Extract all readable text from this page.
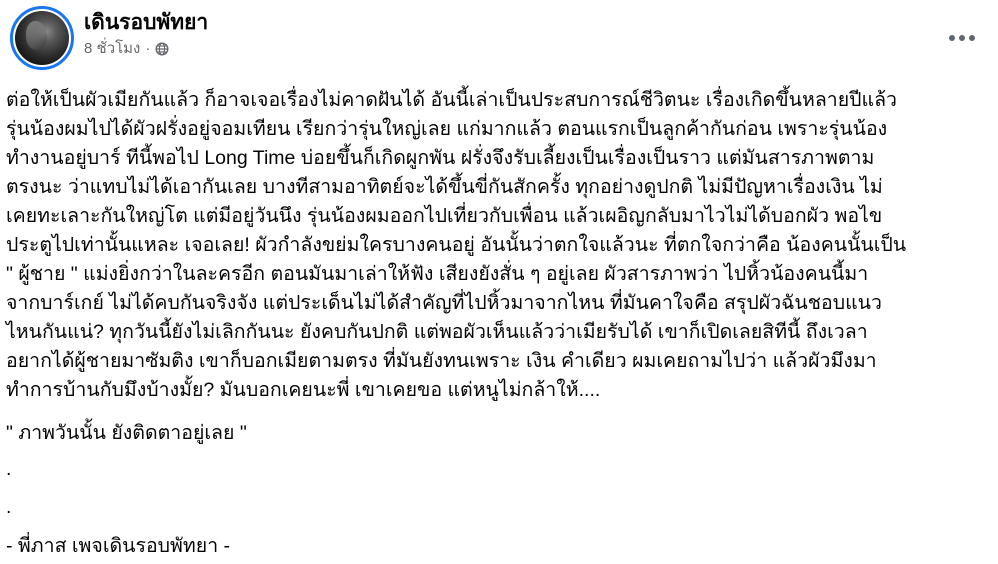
เดินรอบพัทยา
8 ชั่วโมง ·
ต่อให้เป็นผัวเมียกันแล้ว ก็อาจเจอเรื่องไม่คาดฝันได้ อันนี้เล่าเป็นประสบการณ์ชีวิตนะ เรื่องเกิดขึ้นหลายปีแล้ว
รุ่นน้องผมไปได้ผัวฝรั่งอยู่จอมเทียน เรียกว่ารุ่นใหญ่เลย แก่มากแล้ว ตอนแรกเป็นลูกค้ากันก่อน เพราะรุ่นน้อง
ทำงานอยู่บาร์ ทีนี้พอไป Long Time บ่อยขึ้นก็เกิดผูกพัน ฝรั่งจึงรับเลี้ยงเป็นเรื่องเป็นราว แต่มันสารภาพตาม
ตรงนะ ว่าแทบไม่ได้เอากันเลย บางทีสามอาทิตย์จะได้ขึ้นขี่กันสักครั้ง ทุกอย่างดูปกติ ไม่มีปัญหาเรื่องเงิน ไม่
เคยทะเลาะกันใหญ่โต แต่มีอยู่วันนึง รุ่นน้องผมออกไปเที่ยวกับเพื่อน แล้วเผอิญกลับมาไวไม่ได้บอกผัว พอไข
ประตูไปเท่านั้นแหละ เจอเลย! ผัวกำลังขย่มใครบางคนอยู่ อันนั้นว่าตกใจแล้วนะ ที่ตกใจกว่าคือ น้องคนนั้นเป็น
" ผู้ชาย " แม่งยิ่งกว่าในละครอีก ตอนมันมาเล่าให้ฟัง เสียงยังสั่น ๆ อยู่เลย ผัวสารภาพว่า ไปหิ้วน้องคนนี้มา
จากบาร์เกย์ ไม่ได้คบกันจริงจัง แต่ประเด็นไม่ได้สำคัญที่ไปหิ้วมาจากไหน ที่มันคาใจคือ สรุปผัวฉันชอบแนว
ไหนกันแน่? ทุกวันนี้ยังไม่เลิกกันนะ ยังคบกันปกติ แต่พอผัวเห็นแล้วว่าเมียรับได้ เขาก็เปิดเลยสิทีนี้ ถึงเวลา
อยากได้ผู้ชายมาซัมติง เขาก็บอกเมียตามตรง ที่มันยังทนเพราะ เงิน คำเดียว ผมเคยถามไปว่า แล้วผัวมึงมา
ทำการบ้านกับมึงบ้างมั้ย? มันบอกเคยนะพี่ เขาเคยขอ แต่หนูไม่กล้าให้....
" ภาพวันนั้น ยังติดตาอยู่เลย "
.
.
- พี่ภาส เพจเดินรอบพัทยา -
